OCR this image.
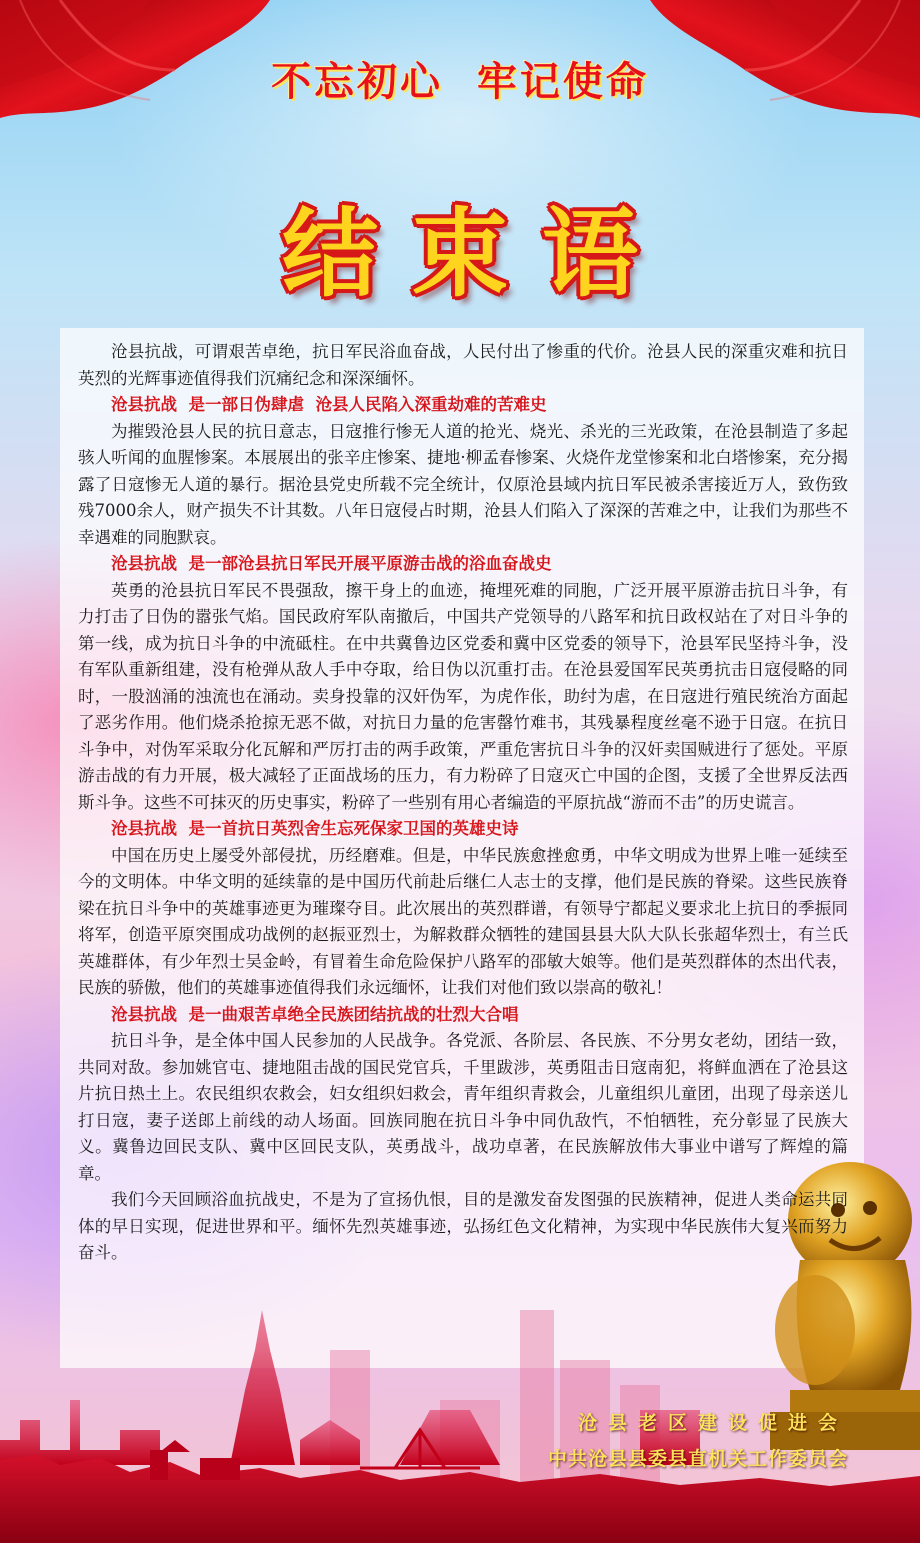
不忘初心  牢记使命
结束语

沧县抗战，可谓艰苦卓绝，抗日军民浴血奋战，人民付出了惨重的代价。沧县人民的深重灾难和抗日英烈的光辉事迹值得我们沉痛纪念和深深缅怀。

沧县抗战  是一部日伪肆虐  沧县人民陷入深重劫难的苦难史

为摧毁沧县人民的抗日意志，日寇推行惨无人道的抢光、烧光、杀光的三光政策，在沧县制造了多起骇人听闻的血腥惨案。本展展出的张辛庄惨案、捷地·柳孟春惨案、火烧仵龙堂惨案和北白塔惨案，充分揭露了日寇惨无人道的暴行。据沧县党史所载不完全统计，仅原沧县域内抗日军民被杀害接近万人，致伤致残7000余人，财产损失不计其数。八年日寇侵占时期，沧县人们陷入了深深的苦难之中，让我们为那些不幸遇难的同胞默哀。

沧县抗战  是一部沧县抗日军民开展平原游击战的浴血奋战史

英勇的沧县抗日军民不畏强敌，擦干身上的血迹，掩埋死难的同胞，广泛开展平原游击抗日斗争，有力打击了日伪的嚣张气焰。国民政府军队南撤后，中国共产党领导的八路军和抗日政权站在了对日斗争的第一线，成为抗日斗争的中流砥柱。在中共冀鲁边区党委和冀中区党委的领导下，沧县军民坚持斗争，没有军队重新组建，没有枪弹从敌人手中夺取，给日伪以沉重打击。在沧县爱国军民英勇抗击日寇侵略的同时，一股汹涌的浊流也在涌动。卖身投靠的汉奸伪军，为虎作伥，助纣为虐，在日寇进行殖民统治方面起了恶劣作用。他们烧杀抢掠无恶不做，对抗日力量的危害罄竹难书，其残暴程度丝毫不逊于日寇。在抗日斗争中，对伪军采取分化瓦解和严厉打击的两手政策，严重危害抗日斗争的汉奸卖国贼进行了惩处。平原游击战的有力开展，极大减轻了正面战场的压力，有力粉碎了日寇灭亡中国的企图，支援了全世界反法西斯斗争。这些不可抹灭的历史事实，粉碎了一些别有用心者编造的平原抗战“游而不击”的历史谎言。

沧县抗战  是一首抗日英烈舍生忘死保家卫国的英雄史诗

中国在历史上屡受外部侵扰，历经磨难。但是，中华民族愈挫愈勇，中华文明成为世界上唯一延续至今的文明体。中华文明的延续靠的是中国历代前赴后继仁人志士的支撑，他们是民族的脊梁。这些民族脊梁在抗日斗争中的英雄事迹更为璀璨夺目。此次展出的英烈群谱，有领导宁都起义要求北上抗日的季振同将军，创造平原突围成功战例的赵振亚烈士，为解救群众牺牲的建国县县大队大队长张超华烈士，有兰氏英雄群体，有少年烈士吴金岭，有冒着生命危险保护八路军的邵敏大娘等。他们是英烈群体的杰出代表，民族的骄傲，他们的英雄事迹值得我们永远缅怀，让我们对他们致以崇高的敬礼！

沧县抗战  是一曲艰苦卓绝全民族团结抗战的壮烈大合唱

抗日斗争，是全体中国人民参加的人民战争。各党派、各阶层、各民族、不分男女老幼，团结一致，共同对敌。参加姚官屯、捷地阻击战的国民党官兵，千里跋涉，英勇阻击日寇南犯，将鲜血洒在了沧县这片抗日热土上。农民组织农救会，妇女组织妇救会，青年组织青救会，儿童组织儿童团，出现了母亲送儿打日寇，妻子送郎上前线的动人场面。回族同胞在抗日斗争中同仇敌忾，不怕牺牲，充分彰显了民族大义。冀鲁边回民支队、冀中区回民支队，英勇战斗，战功卓著，在民族解放伟大事业中谱写了辉煌的篇章。

我们今天回顾浴血抗战史，不是为了宣扬仇恨，目的是激发奋发图强的民族精神，促进人类命运共同体的早日实现，促进世界和平。缅怀先烈英雄事迹，弘扬红色文化精神，为实现中华民族伟大复兴而努力奋斗。

沧县老区建设促进会
中共沧县县委县直机关工作委员会
